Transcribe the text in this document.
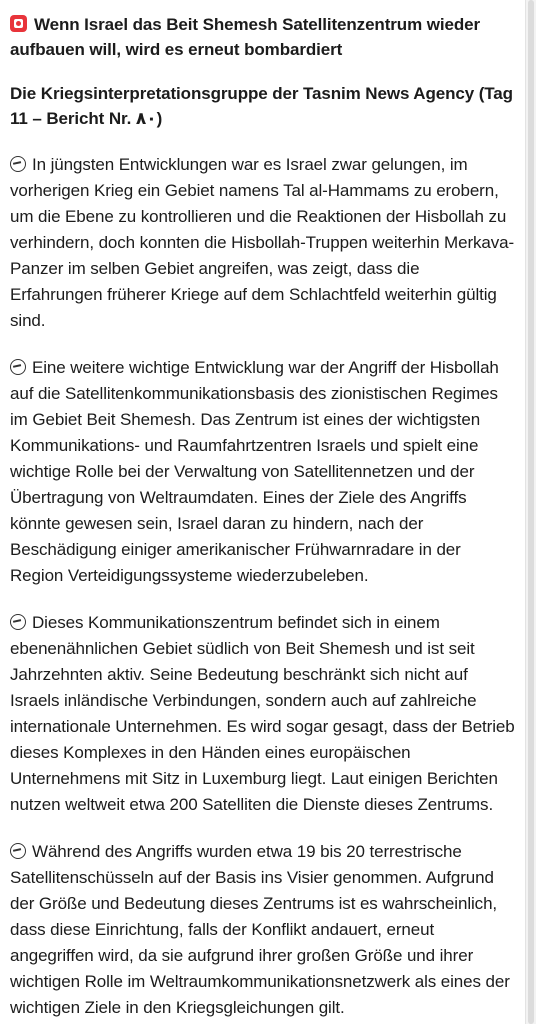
Wenn Israel das Beit Shemesh Satellitenzentrum wieder aufbauen will, wird es erneut bombardiert
Die Kriegsinterpretationsgruppe der Tasnim News Agency (Tag 11 – Bericht Nr. ۸۰)
In jüngsten Entwicklungen war es Israel zwar gelungen, im vorherigen Krieg ein Gebiet namens Tal al-Hammams zu erobern, um die Ebene zu kontrollieren und die Reaktionen der Hisbollah zu verhindern, doch konnten die Hisbollah-Truppen weiterhin Merkava-Panzer im selben Gebiet angreifen, was zeigt, dass die Erfahrungen früherer Kriege auf dem Schlachtfeld weiterhin gültig sind.
Eine weitere wichtige Entwicklung war der Angriff der Hisbollah auf die Satellitenkommunikationsbasis des zionistischen Regimes im Gebiet Beit Shemesh. Das Zentrum ist eines der wichtigsten Kommunikations- und Raumfahrtzentren Israels und spielt eine wichtige Rolle bei der Verwaltung von Satellitennetzen und der Übertragung von Weltraumdaten. Eines der Ziele des Angriffs könnte gewesen sein, Israel daran zu hindern, nach der Beschädigung einiger amerikanischer Frühwarnradare in der Region Verteidigungssysteme wiederzubeleben.
Dieses Kommunikationszentrum befindet sich in einem ebenenähnlichen Gebiet südlich von Beit Shemesh und ist seit Jahrzehnten aktiv. Seine Bedeutung beschränkt sich nicht auf Israels inländische Verbindungen, sondern auch auf zahlreiche internationale Unternehmen. Es wird sogar gesagt, dass der Betrieb dieses Komplexes in den Händen eines europäischen Unternehmens mit Sitz in Luxemburg liegt. Laut einigen Berichten nutzen weltweit etwa 200 Satelliten die Dienste dieses Zentrums.
Während des Angriffs wurden etwa 19 bis 20 terrestrische Satellitenschüsseln auf der Basis ins Visier genommen. Aufgrund der Größe und Bedeutung dieses Zentrums ist es wahrscheinlich, dass diese Einrichtung, falls der Konflikt andauert, erneut angegriffen wird, da sie aufgrund ihrer großen Größe und ihrer wichtigen Rolle im Weltraumkommunikationsnetzwerk als eines der wichtigen Ziele in den Kriegsgleichungen gilt.
